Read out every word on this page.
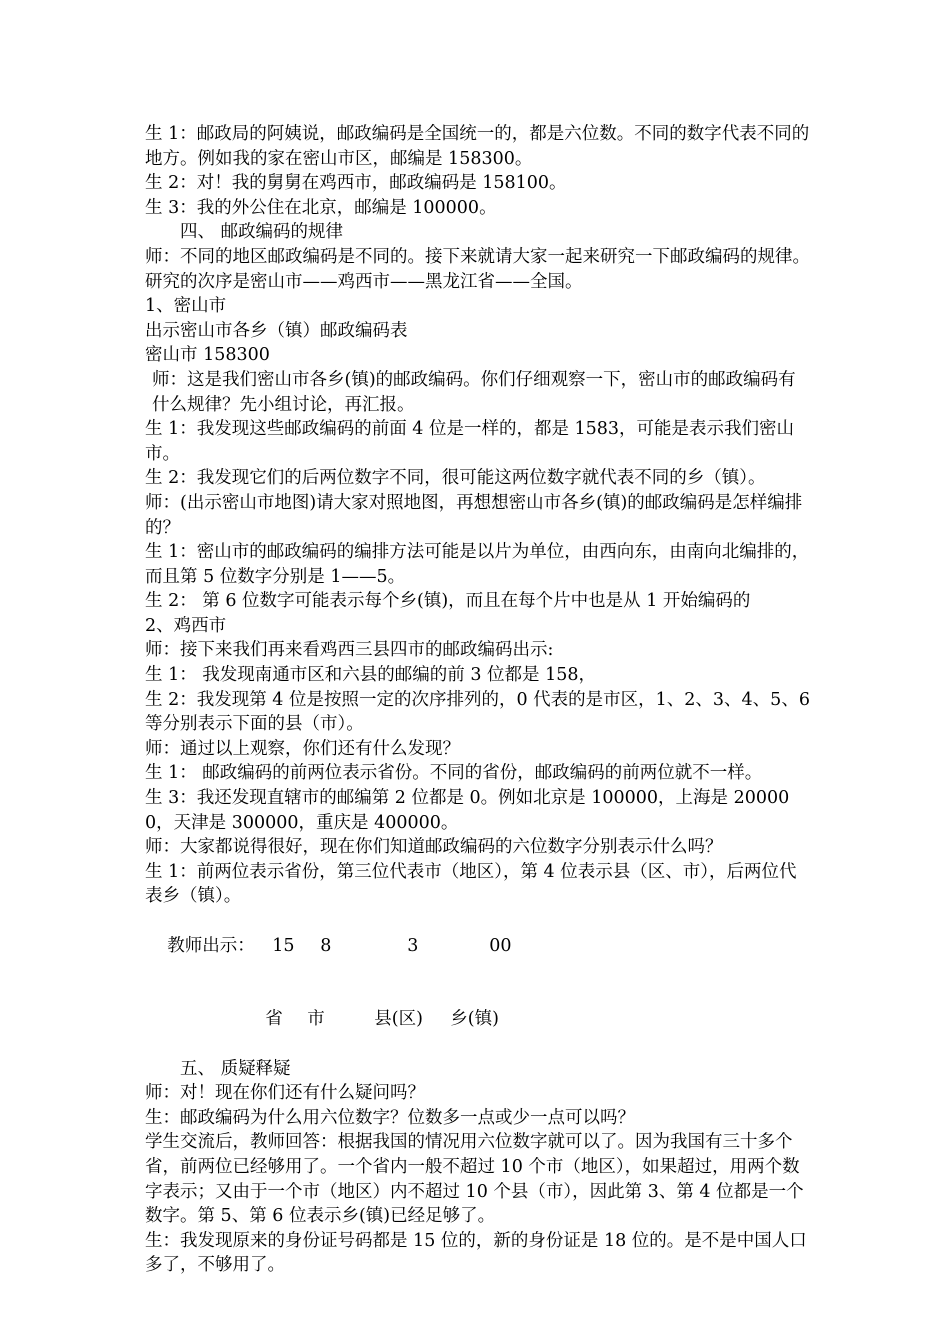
生 1：邮政局的阿姨说，邮政编码是全国统一的，都是六位数。不同的数字代表不同的地方。例如我的家在密山市区，邮编是 158300。

生 2：对！我的舅舅在鸡西市，邮政编码是 158100。

生 3：我的外公住在北京，邮编是 100000。

四、 邮政编码的规律

师：不同的地区邮政编码是不同的。接下来就请大家一起来研究一下邮政编码的规律。

研究的次序是密山市——鸡西市——黑龙江省——全国。

1、密山市

出示密山市各乡（镇）邮政编码表

密山市 158300

师：这是我们密山市各乡(镇)的邮政编码。你们仔细观察一下，密山市的邮政编码有什么规律？先小组讨论，再汇报。

生 1：我发现这些邮政编码的前面 4 位是一样的，都是 1583，可能是表示我们密山市。

生 2：我发现它们的后两位数字不同，很可能这两位数字就代表不同的乡（镇）。

师：(出示密山市地图)请大家对照地图，再想想密山市各乡(镇)的邮政编码是怎样编排的？

生 1：密山市的邮政编码的编排方法可能是以片为单位，由西向东，由南向北编排的，而且第 5 位数字分别是 1——5。

生 2： 第 6 位数字可能表示每个乡(镇)，而且在每个片中也是从 1 开始编码的

2、鸡西市

师：接下来我们再来看鸡西三县四市的邮政编码出示:

生 1： 我发现南通市区和六县的邮编的前 3 位都是 158，

生 2：我发现第 4 位是按照一定的次序排列的，0 代表的是市区，1、2、3、4、5、6 等分别表示下面的县（市）。

师：通过以上观察，你们还有什么发现？

生 1： 邮政编码的前两位表示省份。不同的省份，邮政编码的前两位就不一样。

生 3：我还发现直辖市的邮编第 2 位都是 0。例如北京是 100000，上海是 200000，天津是 300000，重庆是 400000。

师：大家都说得很好，现在你们知道邮政编码的六位数字分别表示什么吗？

生 1：前两位表示省份，第三位代表市（地区），第 4 位表示县（区、市），后两位代表乡（镇）。

教师出示： 15 8	3	00

省 市	县(区) 乡(镇)

五、 质疑释疑

师：对！现在你们还有什么疑问吗？

生：邮政编码为什么用六位数字？位数多一点或少一点可以吗？

学生交流后，教师回答：根据我国的情况用六位数字就可以了。因为我国有三十多个省，前两位已经够用了。一个省内一般不超过 10 个市（地区），如果超过，用两个数字表示；又由于一个市（地区）内不超过 10 个县（市），因此第 3、第 4 位都是一个数字。第 5、第 6 位表示乡(镇)已经足够了。

生：我发现原来的身份证号码都是 15 位的，新的身份证是 18 位的。是不是中国人口多了，不够用了。
